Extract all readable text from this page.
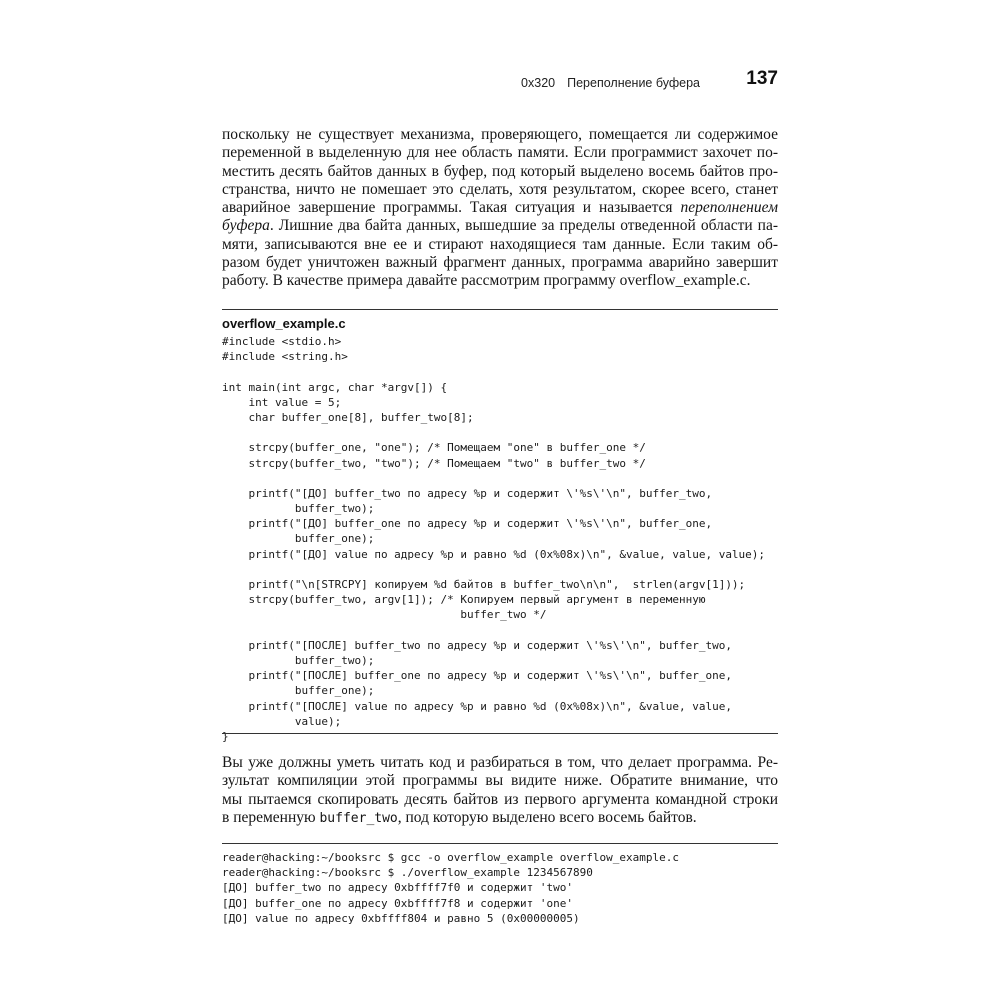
0x320 Переполнение буфера 137
поскольку не существует механизма, проверяющего, помещается ли содержимое
переменной в выделенную для нее область памяти. Если программист захочет по-
местить десять байтов данных в буфер, под который выделено восемь байтов про-
странства, ничто не помешает это сделать, хотя результатом, скорее всего, станет
аварийное завершение программы. Такая ситуация и называется переполнением
буфера. Лишние два байта данных, вышедшие за пределы отведенной области па-
мяти, записываются вне ее и стирают находящиеся там данные. Если таким об-
разом будет уничтожен важный фрагмент данных, программа аварийно завершит
работу. В качестве примера давайте рассмотрим программу overflow_example.c.
overflow_example.c
#include <stdio.h>
#include <string.h>
int main(int argc, char *argv[]) {
int value = 5;
char buffer_one[8], buffer_two[8];
strcpy(buffer_one, "one"); /* Помещаем "one" в buffer_one */
strcpy(buffer_two, "two"); /* Помещаем "two" в buffer_two */
printf("[ДО] buffer_two по адресу %p и содержит \'%s\'\n", buffer_two,
buffer_two);
printf("[ДО] buffer_one по адресу %p и содержит \'%s\'\n", buffer_one,
buffer_one);
printf("[ДО] value по адресу %p и равно %d (0x%08x)\n", &value, value, value);
printf("\n[STRCPY] копируем %d байтов в buffer_two\n\n",  strlen(argv[1]));
strcpy(buffer_two, argv[1]); /* Копируем первый аргумент в переменную
buffer_two */
printf("[ПОСЛЕ] buffer_two по адресу %p и содержит \'%s\'\n", buffer_two,
buffer_two);
printf("[ПОСЛЕ] buffer_one по адресу %p и содержит \'%s\'\n", buffer_one,
buffer_one);
printf("[ПОСЛЕ] value по адресу %p и равно %d (0x%08x)\n", &value, value,
value);
}
Вы уже должны уметь читать код и разбираться в том, что делает программа. Ре-
зультат компиляции этой программы вы видите ниже. Обратите внимание, что
мы пытаемся скопировать десять байтов из первого аргумента командной строки
в переменную buffer_two, под которую выделено всего восемь байтов.
reader@hacking:~/booksrc $ gcc -o overflow_example overflow_example.c
reader@hacking:~/booksrc $ ./overflow_example 1234567890
[ДО] buffer_two по адресу 0xbffff7f0 и содержит 'two'
[ДО] buffer_one по адресу 0xbffff7f8 и содержит 'one'
[ДО] value по адресу 0xbffff804 и равно 5 (0x00000005)
